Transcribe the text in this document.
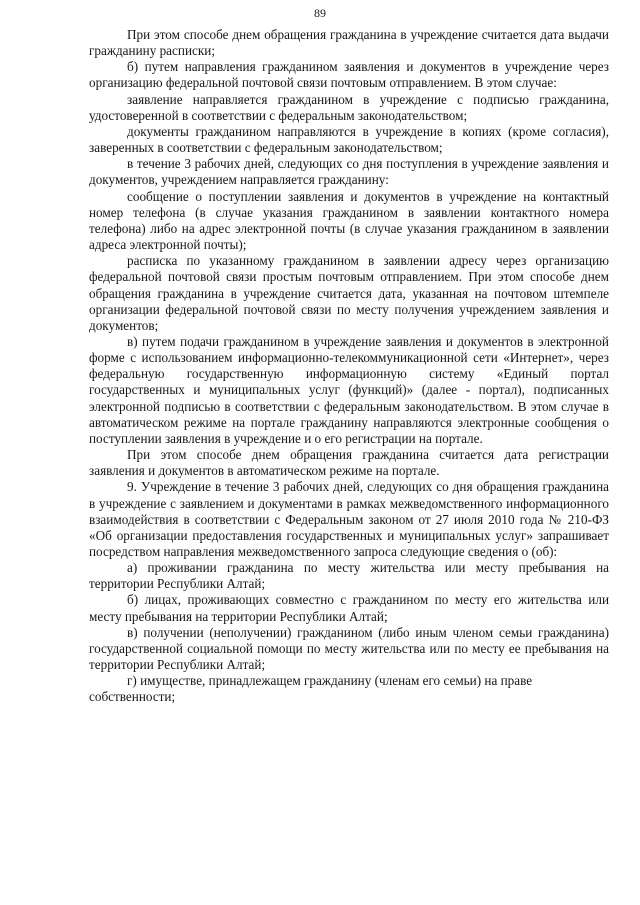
89

При этом способе днем обращения гражданина в учреждение считается дата выдачи гражданину расписки;

б) путем направления гражданином заявления и документов в учреждение через организацию федеральной почтовой связи почтовым отправлением. В этом случае:

заявление направляется гражданином в учреждение с подписью гражданина, удостоверенной в соответствии с федеральным законодательством;

документы гражданином направляются в учреждение в копиях (кроме согласия), заверенных в соответствии с федеральным законодательством;

в течение 3 рабочих дней, следующих со дня поступления в учреждение заявления и документов, учреждением направляется гражданину:

сообщение о поступлении заявления и документов в учреждение на контактный номер телефона (в случае указания гражданином в заявлении контактного номера телефона) либо на адрес электронной почты (в случае указания гражданином в заявлении адреса электронной почты);

расписка по указанному гражданином в заявлении адресу через организацию федеральной почтовой связи простым почтовым отправлением. При этом способе днем обращения гражданина в учреждение считается дата, указанная на почтовом штемпеле организации федеральной почтовой связи по месту получения учреждением заявления и документов;

в) путем подачи гражданином в учреждение заявления и документов в электронной форме с использованием информационно-телекоммуникационной сети «Интернет», через федеральную государственную информационную систему «Единый портал государственных и муниципальных услуг (функций)» (далее - портал), подписанных электронной подписью в соответствии с федеральным законодательством. В этом случае в автоматическом режиме на портале гражданину направляются электронные сообщения о поступлении заявления в учреждение и о его регистрации на портале.

При этом способе днем обращения гражданина считается дата регистрации заявления и документов в автоматическом режиме на портале.

9. Учреждение в течение 3 рабочих дней, следующих со дня обращения гражданина в учреждение с заявлением и документами в рамках межведомственного информационного взаимодействия в соответствии с Федеральным законом от 27 июля 2010 года № 210-ФЗ «Об организации предоставления государственных и муниципальных услуг» запрашивает посредством направления межведомственного запроса следующие сведения о (об):

а) проживании гражданина по месту жительства или месту пребывания на территории Республики Алтай;

б) лицах, проживающих совместно с гражданином по месту его жительства или месту пребывания на территории Республики Алтай;

в) получении (неполучении) гражданином (либо иным членом семьи гражданина) государственной социальной помощи по месту жительства или по месту ее пребывания на территории Республики Алтай;

г) имуществе, принадлежащем гражданину (членам его семьи) на праве собственности;
